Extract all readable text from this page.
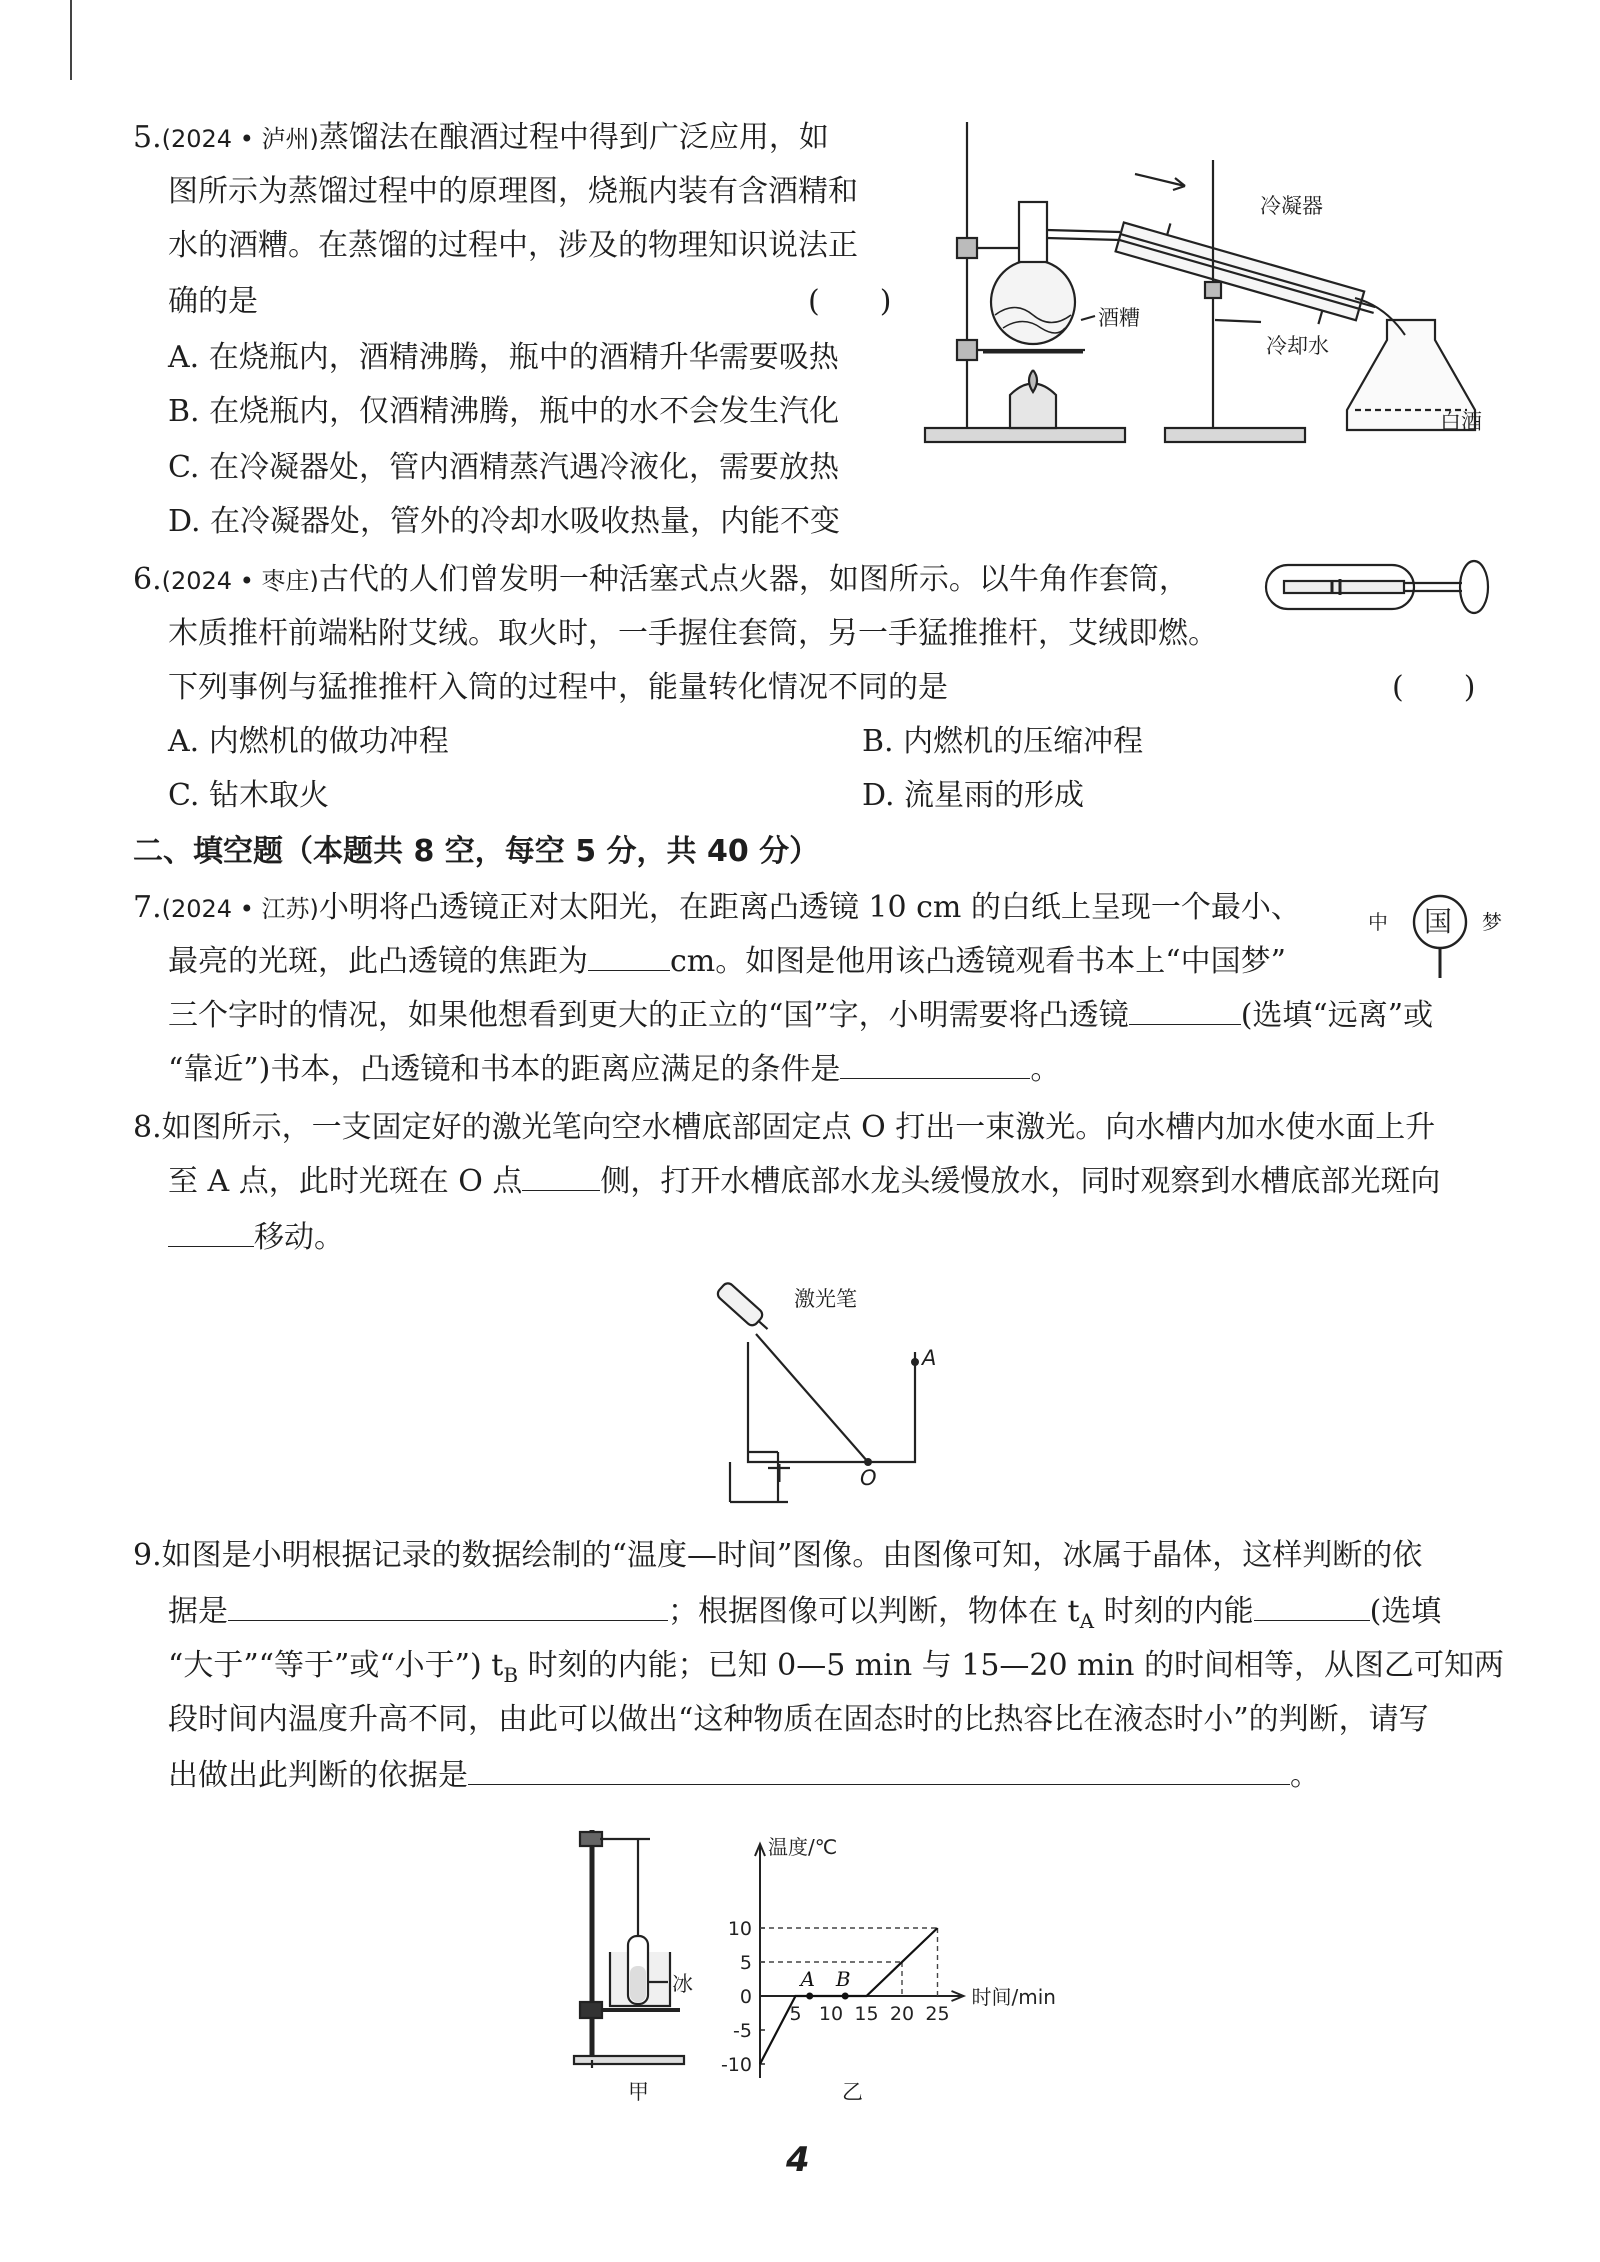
5.(2024 • 泸州)蒸馏法在酿酒过程中得到广泛应用，如
图所示为蒸馏过程中的原理图，烧瓶内装有含酒精和
水的酒糟。在蒸馏的过程中，涉及的物理知识说法正
确的是	(　　)
A. 在烧瓶内，酒精沸腾，瓶中的酒精升华需要吸热
B. 在烧瓶内，仅酒精沸腾，瓶中的水不会发生汽化
C. 在冷凝器处，管内酒精蒸汽遇冷液化，需要放热
D. 在冷凝器处，管外的冷却水吸收热量，内能不变
冷凝器
酒糟
冷却水
白酒
6.(2024 • 枣庄)古代的人们曾发明一种活塞式点火器，如图所示。以牛角作套筒，
木质推杆前端粘附艾绒。取火时，一手握住套筒，另一手猛推推杆，艾绒即燃。
下列事例与猛推推杆入筒的过程中，能量转化情况不同的是	(　　)
A. 内燃机的做功冲程	B. 内燃机的压缩冲程
C. 钻木取火	D. 流星雨的形成
二、填空题（本题共 8 空，每空 5 分，共 40 分）
7.(2024 • 江苏)小明将凸透镜正对太阳光，在距离凸透镜 10 cm 的白纸上呈现一个最小、
最亮的光斑，此凸透镜的焦距为	cm。如图是他用该凸透镜观看书本上“中国梦”
三个字时的情况，如果他想看到更大的正立的“国”字，小明需要将凸透镜	(选填“远离”或
“靠近”)书本，凸透镜和书本的距离应满足的条件是	。
中 国 梦
8.如图所示，一支固定好的激光笔向空水槽底部固定点 O 打出一束激光。向水槽内加水使水面上升
至 A 点，此时光斑在 O 点	侧，打开水槽底部水龙头缓慢放水，同时观察到水槽底部光斑向
移动。
激光笔
A
O
9.如图是小明根据记录的数据绘制的“温度—时间”图像。由图像可知，冰属于晶体，这样判断的依
据是	；根据图像可以判断，物体在 $t_A$ 时刻的内能	(选填
“大于”“等于”或“小于”) $t_B$ 时刻的内能；已知 0—5 min 与 15—20 min 的时间相等，从图乙可知两
段时间内温度升高不同，由此可以做出“这种物质在固态时的比热容比在液态时小”的判断，请写
出做出此判断的依据是	。
冰
甲	乙
温度/℃
时间/min
10
5
0
-5
-10
5 10 15 20 25
A B
4
